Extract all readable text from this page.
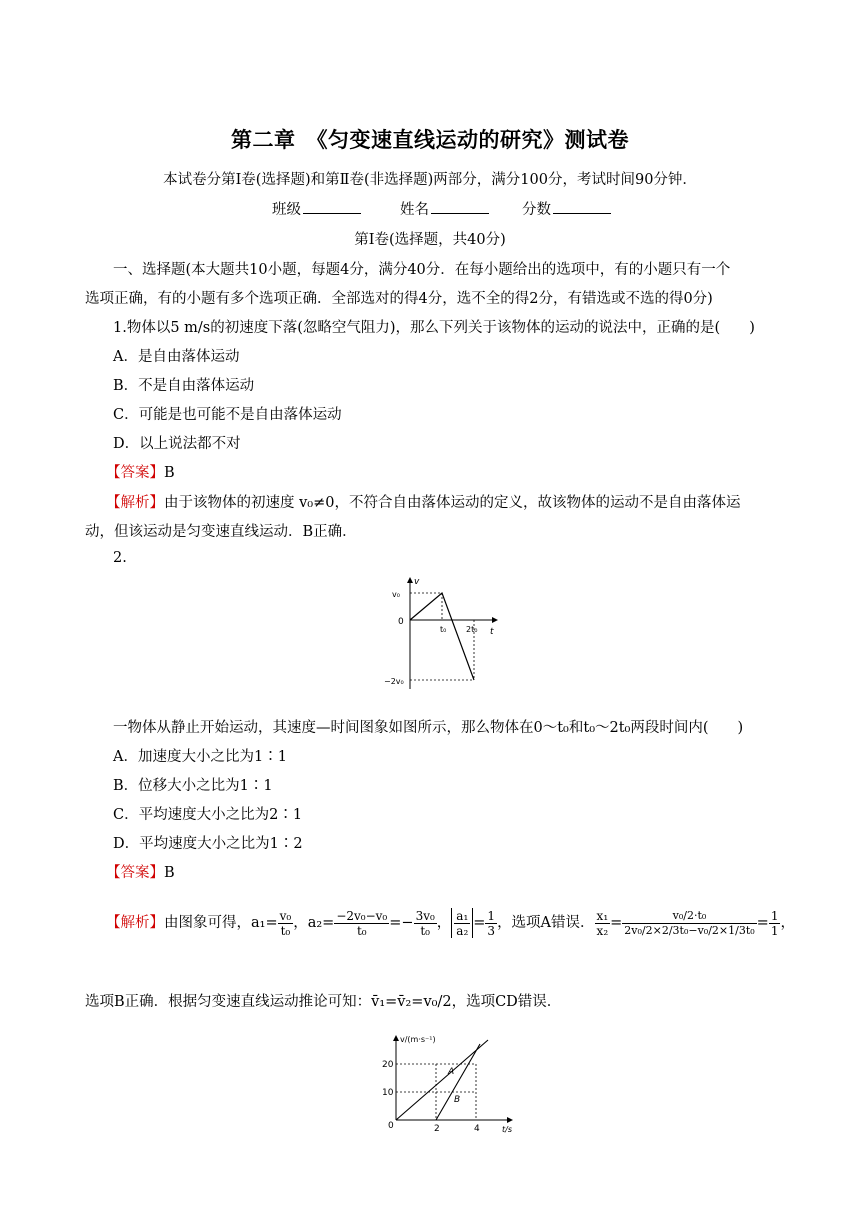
第二章　《匀变速直线运动的研究》测试卷
本试卷分第Ⅰ卷(选择题)和第Ⅱ卷(非选择题)两部分，满分100分，考试时间90分钟．
班级	姓名	分数
第Ⅰ卷(选择题，共40分)
一、选择题(本大题共10小题，每题4分，满分40分．在每小题给出的选项中，有的小题只有一个
选项正确，有的小题有多个选项正确．全部选对的得4分，选不全的得2分，有错选或不选的得0分)
1.物体以5 m/s的初速度下落(忽略空气阻力)，那么下列关于该物体的运动的说法中，正确的是(　　)
A．是自由落体运动
B．不是自由落体运动
C．可能是也可能不是自由落体运动
D．以上说法都不对
【答案】B
【解析】由于该物体的初速度 v₀≠0，不符合自由落体运动的定义，故该物体的运动不是自由落体运
动，但该运动是匀变速直线运动．B正确．
2.
v
t
v₀
0
t₀ 2t₀
−2v₀
一物体从静止开始运动，其速度—时间图象如图所示，那么物体在0～t₀和t₀～2t₀两段时间内(　　)
A．加速度大小之比为1∶1
B．位移大小之比为1∶1
C．平均速度大小之比为2∶1
D．平均速度大小之比为1∶2
【答案】B
【解析】由图象可得，$a_1= \frac{\text{v₀}}{\text{t₀}}$ ，$a_2= \frac{\text{−2v₀−v₀}}{\text{t₀}} =- \frac{\text{3v₀}}{\text{t₀}}$ ， $\frac{\text{a₁}}{\text{a₂}} = \frac{1}{3}$ ，选项A错误． $\frac{\text{x₁}}{\text{x₂}} = \frac{\text{v₀/2·t₀}}{\text{2v₀/2×2/3t₀−v₀/2×1/3t₀}} = \frac{1}{1}$ ，
选项B正确．根据匀变速直线运动推论可知：v̄₁=v̄₂=v₀/2，选项CD错误．
v/(m·s⁻¹)
t/s
20
10
0	2	4
A
B
